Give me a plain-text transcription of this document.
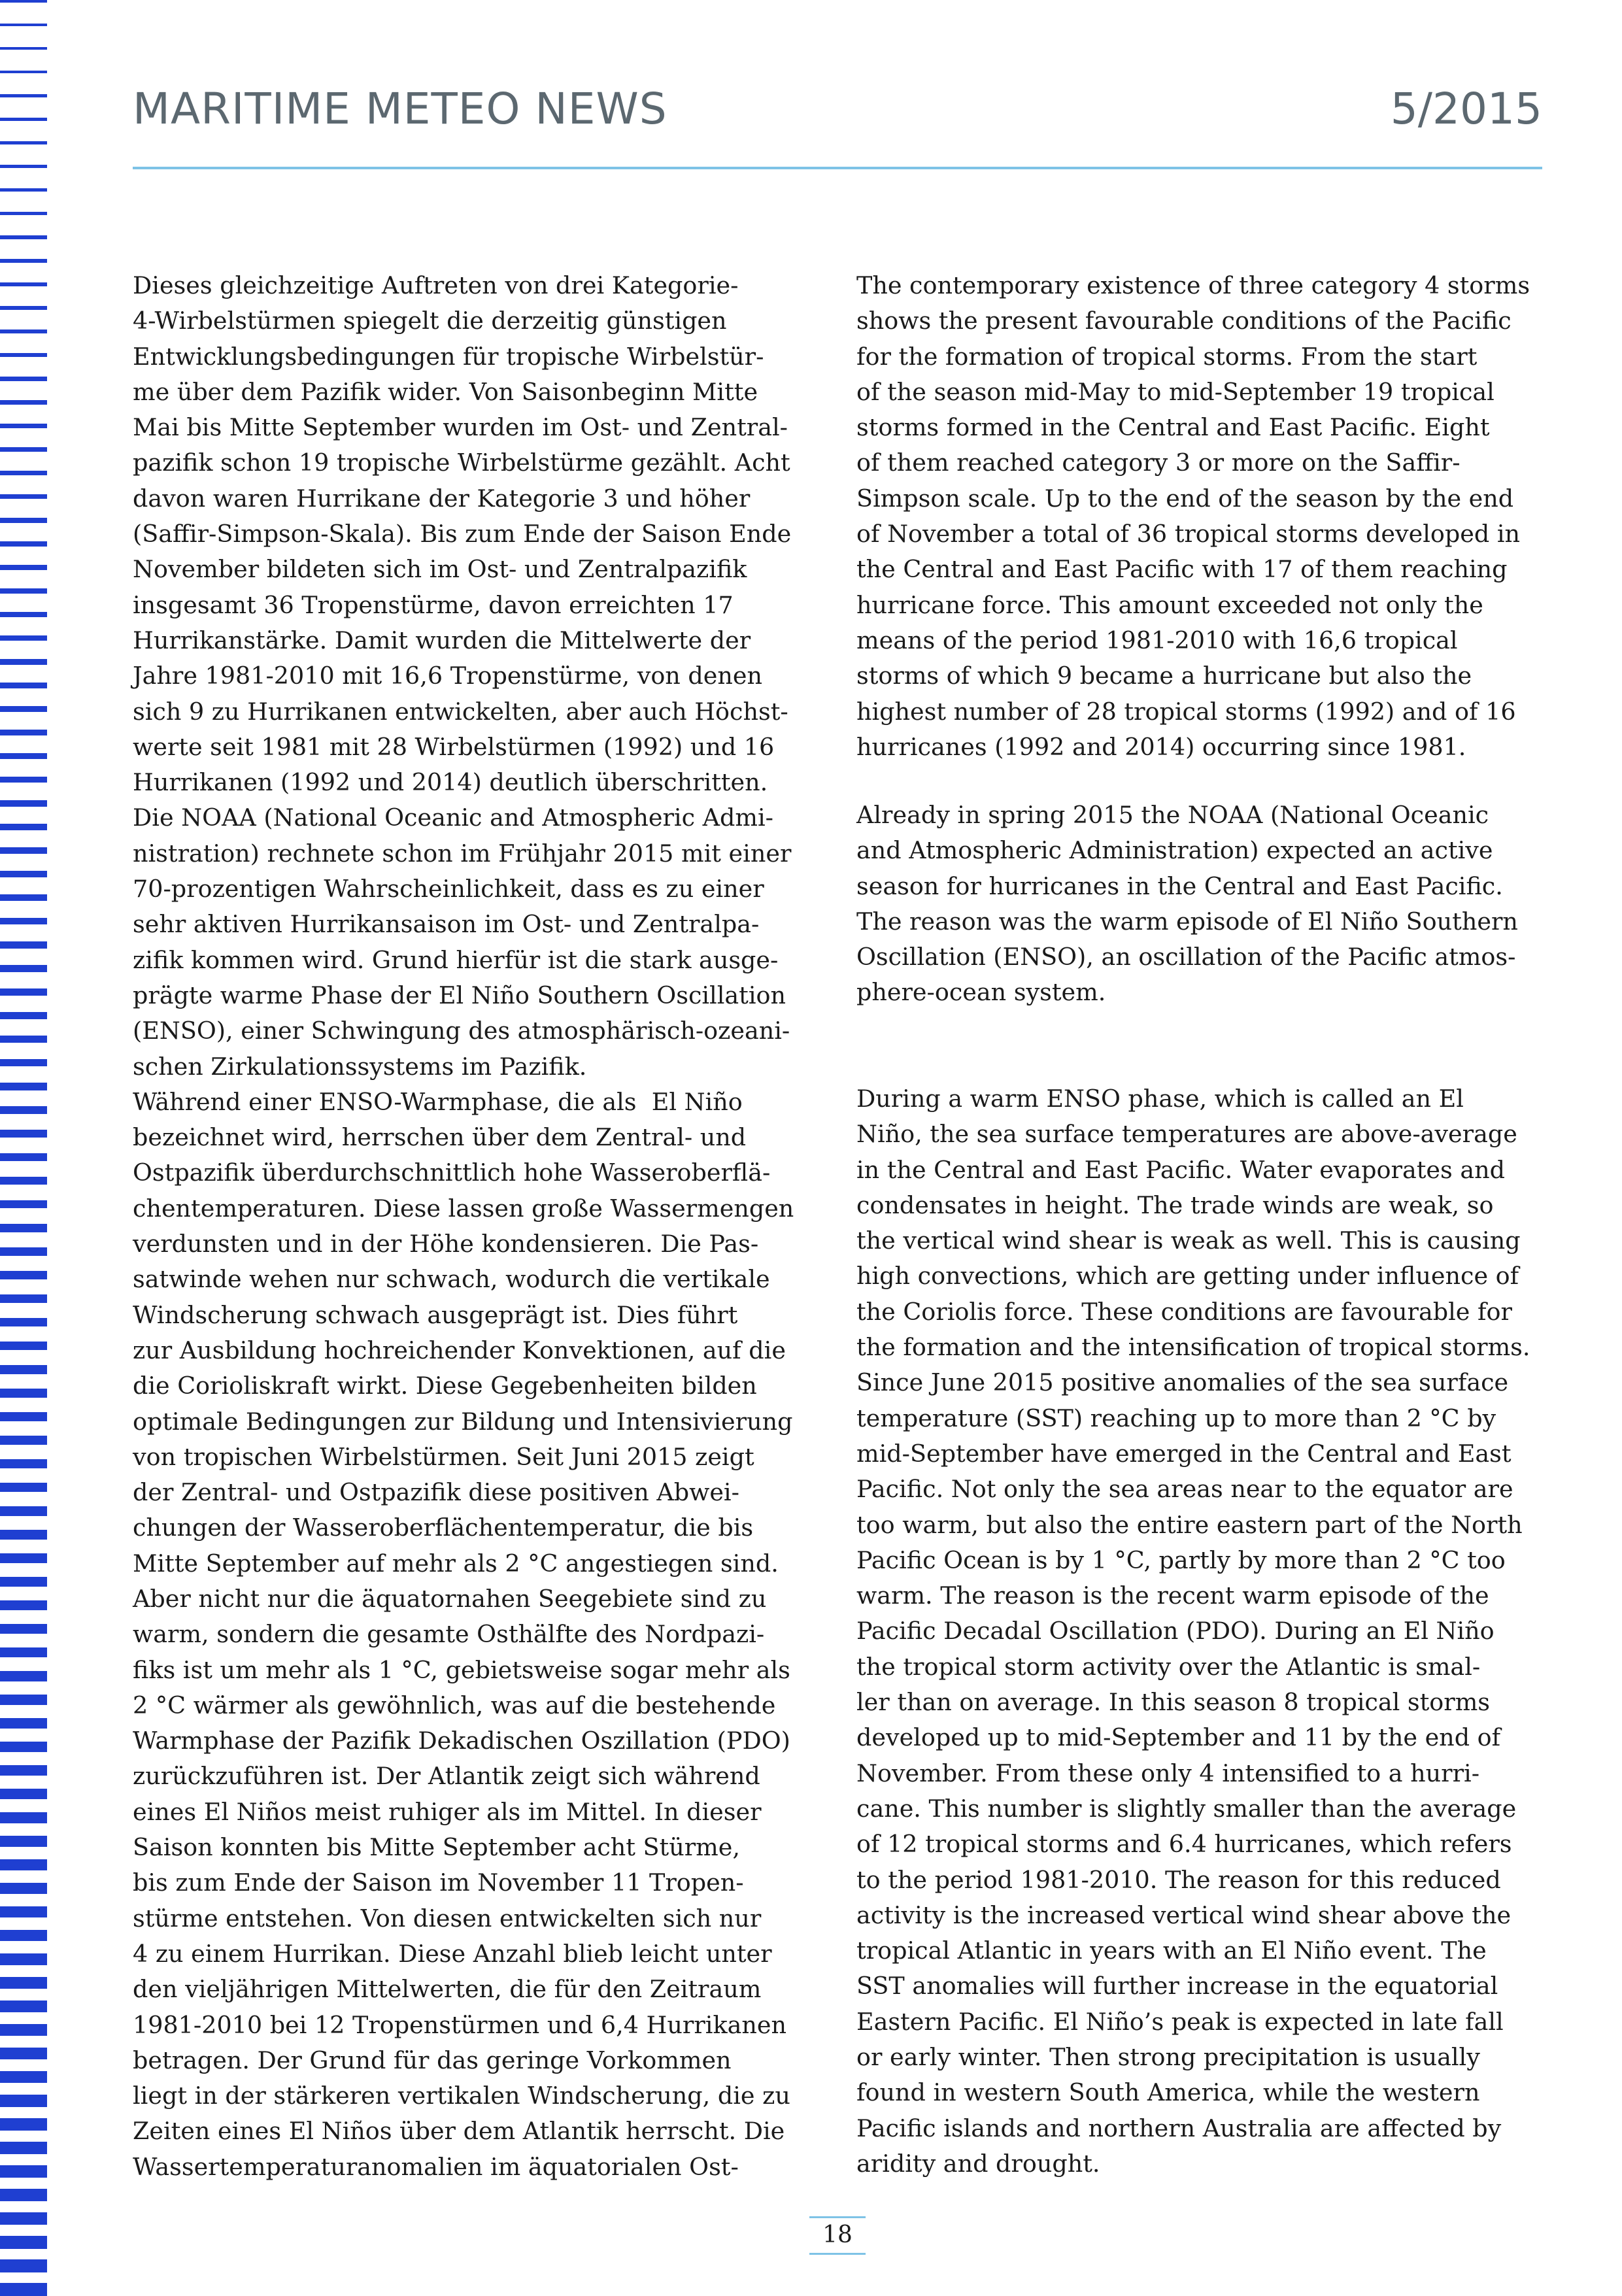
MARITIME METEO NEWS	5/2015
Dieses gleichzeitige Auftreten von drei Kategorie-
4-Wirbelstürmen spiegelt die derzeitig günstigen
Entwicklungsbedingungen für tropische Wirbelstür-
me über dem Pazifik wider. Von Saisonbeginn Mitte
Mai bis Mitte September wurden im Ost- und Zentral-
pazifik schon 19 tropische Wirbelstürme gezählt. Acht
davon waren Hurrikane der Kategorie 3 und höher
(Saffir-Simpson-Skala). Bis zum Ende der Saison Ende
November bildeten sich im Ost- und Zentralpazifik
insgesamt 36 Tropenstürme, davon erreichten 17
Hurrikanstärke. Damit wurden die Mittelwerte der
Jahre 1981-2010 mit 16,6 Tropenstürme, von denen
sich 9 zu Hurrikanen entwickelten, aber auch Höchst-
werte seit 1981 mit 28 Wirbelstürmen (1992) und 16
Hurrikanen (1992 und 2014) deutlich überschritten.
Die NOAA (National Oceanic and Atmospheric Admi-
nistration) rechnete schon im Frühjahr 2015 mit einer
70-prozentigen Wahrscheinlichkeit, dass es zu einer
sehr aktiven Hurrikansaison im Ost- und Zentralpa-
zifik kommen wird. Grund hierfür ist die stark ausge-
prägte warme Phase der El Niño Southern Oscillation
(ENSO), einer Schwingung des atmosphärisch-ozeani-
schen Zirkulationssystems im Pazifik.
Während einer ENSO-Warmphase, die als  El Niño
bezeichnet wird, herrschen über dem Zentral- und
Ostpazifik überdurchschnittlich hohe Wasseroberflä-
chentemperaturen. Diese lassen große Wassermengen
verdunsten und in der Höhe kondensieren. Die Pas-
satwinde wehen nur schwach, wodurch die vertikale
Windscherung schwach ausgeprägt ist. Dies führt
zur Ausbildung hochreichender Konvektionen, auf die
die Corioliskraft wirkt. Diese Gegebenheiten bilden
optimale Bedingungen zur Bildung und Intensivierung
von tropischen Wirbelstürmen. Seit Juni 2015 zeigt
der Zentral- und Ostpazifik diese positiven Abwei-
chungen der Wasseroberflächentemperatur, die bis
Mitte September auf mehr als 2 °C angestiegen sind.
Aber nicht nur die äquatornahen Seegebiete sind zu
warm, sondern die gesamte Osthälfte des Nordpazi-
fiks ist um mehr als 1 °C, gebietsweise sogar mehr als
2 °C wärmer als gewöhnlich, was auf die bestehende
Warmphase der Pazifik Dekadischen Oszillation (PDO)
zurückzuführen ist. Der Atlantik zeigt sich während
eines El Niños meist ruhiger als im Mittel. In dieser
Saison konnten bis Mitte September acht Stürme,
bis zum Ende der Saison im November 11 Tropen-
stürme entstehen. Von diesen entwickelten sich nur
4 zu einem Hurrikan. Diese Anzahl blieb leicht unter
den vieljährigen Mittelwerten, die für den Zeitraum
1981-2010 bei 12 Tropenstürmen und 6,4 Hurrikanen
betragen. Der Grund für das geringe Vorkommen
liegt in der stärkeren vertikalen Windscherung, die zu
Zeiten eines El Niños über dem Atlantik herrscht. Die
Wassertemperaturanomalien im äquatorialen Ost-
The contemporary existence of three category 4 storms
shows the present favourable conditions of the Pacific
for the formation of tropical storms. From the start
of the season mid-May to mid-September 19 tropical
storms formed in the Central and East Pacific. Eight
of them reached category 3 or more on the Saffir-
Simpson scale. Up to the end of the season by the end
of November a total of 36 tropical storms developed in
the Central and East Pacific with 17 of them reaching
hurricane force. This amount exceeded not only the
means of the period 1981-2010 with 16,6 tropical
storms of which 9 became a hurricane but also the
highest number of 28 tropical storms (1992) and of 16
hurricanes (1992 and 2014) occurring since 1981.
Already in spring 2015 the NOAA (National Oceanic
and Atmospheric Administration) expected an active
season for hurricanes in the Central and East Pacific.
The reason was the warm episode of El Niño Southern
Oscillation (ENSO), an oscillation of the Pacific atmos-
phere-ocean system.
During a warm ENSO phase, which is called an El
Niño, the sea surface temperatures are above-average
in the Central and East Pacific. Water evaporates and
condensates in height. The trade winds are weak, so
the vertical wind shear is weak as well. This is causing
high convections, which are getting under influence of
the Coriolis force. These conditions are favourable for
the formation and the intensification of tropical storms.
Since June 2015 positive anomalies of the sea surface
temperature (SST) reaching up to more than 2 °C by
mid-September have emerged in the Central and East
Pacific. Not only the sea areas near to the equator are
too warm, but also the entire eastern part of the North
Pacific Ocean is by 1 °C, partly by more than 2 °C too
warm. The reason is the recent warm episode of the
Pacific Decadal Oscillation (PDO). During an El Niño
the tropical storm activity over the Atlantic is smal-
ler than on average. In this season 8 tropical storms
developed up to mid-September and 11 by the end of
November. From these only 4 intensified to a hurri-
cane. This number is slightly smaller than the average
of 12 tropical storms and 6.4 hurricanes, which refers
to the period 1981-2010. The reason for this reduced
activity is the increased vertical wind shear above the
tropical Atlantic in years with an El Niño event. The
SST anomalies will further increase in the equatorial
Eastern Pacific. El Niño’s peak is expected in late fall
or early winter. Then strong precipitation is usually
found in western South America, while the western
Pacific islands and northern Australia are affected by
aridity and drought.
18
